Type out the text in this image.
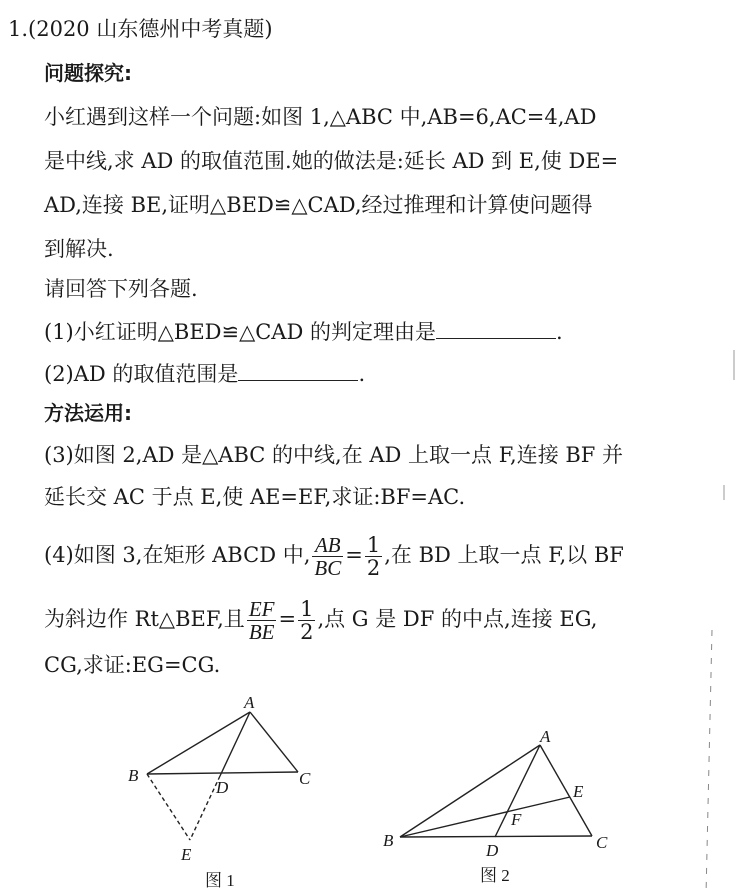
1.(2020 山东德州中考真题)
问题探究:
小红遇到这样一个问题:如图 1,△ABC 中,AB=6,AC=4,AD
是中线,求 AD 的取值范围.她的做法是:延长 AD 到 E,使 DE=
AD,连接 BE,证明△BED≌△CAD,经过推理和计算使问题得
到解决.
请回答下列各题.
(1)小红证明△BED≌△CAD 的判定理由是	.
(2)AD 的取值范围是	.
方法运用:
(3)如图 2,AD 是△ABC 的中线,在 AD 上取一点 F,连接 BF 并
延长交 AC 于点 E,使 AE=EF,求证:BF=AC.
(4)如图 3,在矩形 ABCD 中, $\frac{AB}{BC} = \frac{1}{2}$ ,在 BD 上取一点 F,以 BF
为斜边作 Rt△BEF,且 $\frac{EF}{BE} = \frac{1}{2}$ ,点 G 是 DF 的中点,连接 EG,
CG,求证:EG=CG.
A
B	C
D
E
图 1
A
B	C
D
E
F
图 2
